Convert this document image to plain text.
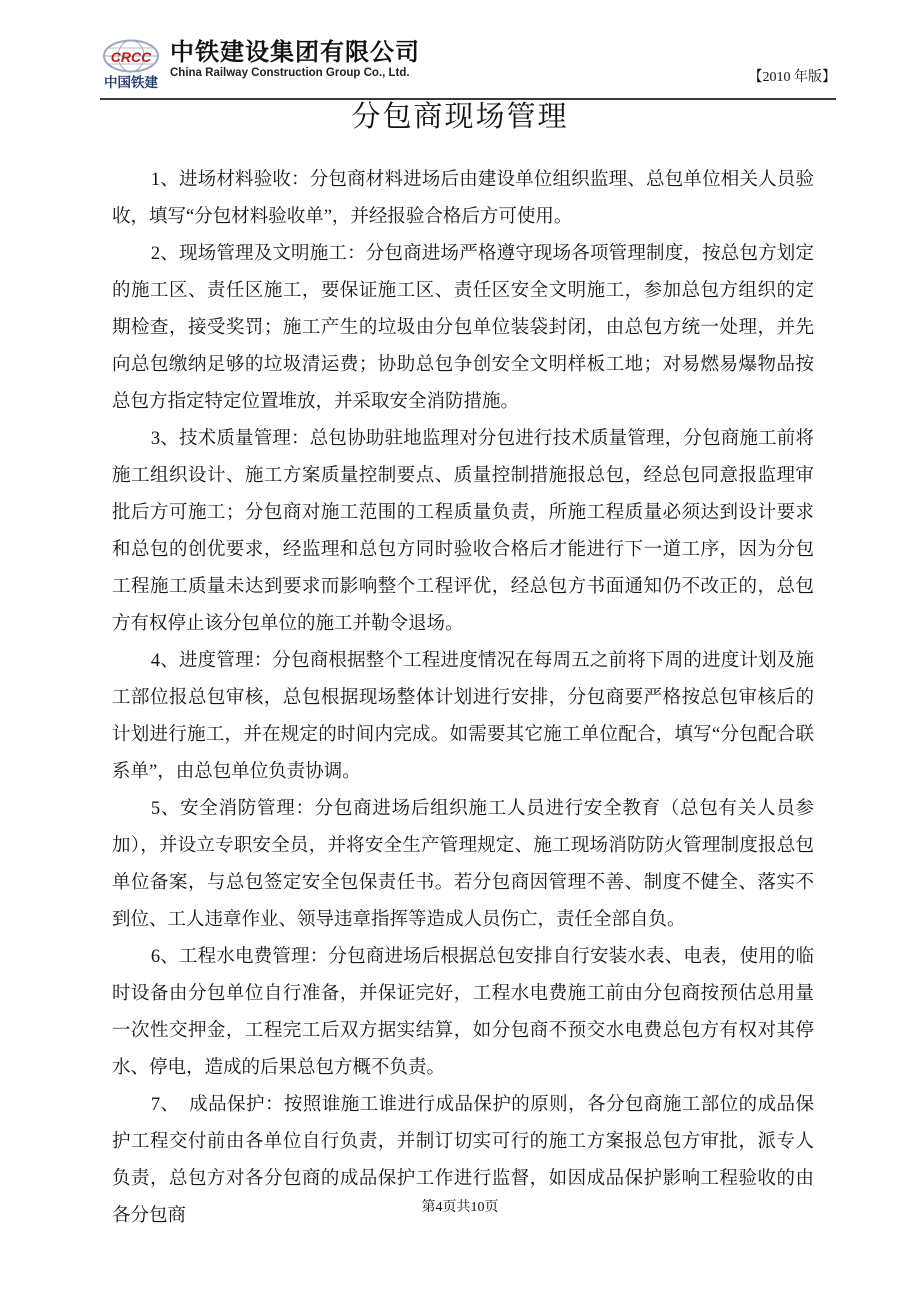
CRCC
中国铁建
中铁建设集团有限公司
China Railway Construction Group Co., Ltd.	【2010 年版】
分包商现场管理

1、进场材料验收：分包商材料进场后由建设单位组织监理、总包单位相关人员验收，填写“分包材料验收单”，并经报验合格后方可使用。

2、现场管理及文明施工：分包商进场严格遵守现场各项管理制度，按总包方划定的施工区、责任区施工，要保证施工区、责任区安全文明施工，参加总包方组织的定期检查，接受奖罚；施工产生的垃圾由分包单位装袋封闭，由总包方统一处理，并先向总包缴纳足够的垃圾清运费；协助总包争创安全文明样板工地；对易燃易爆物品按总包方指定特定位置堆放，并采取安全消防措施。

3、技术质量管理：总包协助驻地监理对分包进行技术质量管理，分包商施工前将施工组织设计、施工方案质量控制要点、质量控制措施报总包，经总包同意报监理审批后方可施工；分包商对施工范围的工程质量负责，所施工程质量必须达到设计要求和总包的创优要求，经监理和总包方同时验收合格后才能进行下一道工序，因为分包工程施工质量未达到要求而影响整个工程评优，经总包方书面通知仍不改正的，总包方有权停止该分包单位的施工并勒令退场。

4、进度管理：分包商根据整个工程进度情况在每周五之前将下周的进度计划及施工部位报总包审核，总包根据现场整体计划进行安排，分包商要严格按总包审核后的计划进行施工，并在规定的时间内完成。如需要其它施工单位配合，填写“分包配合联系单”，由总包单位负责协调。

5、安全消防管理：分包商进场后组织施工人员进行安全教育（总包有关人员参加），并设立专职安全员，并将安全生产管理规定、施工现场消防防火管理制度报总包单位备案，与总包签定安全包保责任书。若分包商因管理不善、制度不健全、落实不到位、工人违章作业、领导违章指挥等造成人员伤亡，责任全部自负。

6、工程水电费管理：分包商进场后根据总包安排自行安装水表、电表，使用的临时设备由分包单位自行准备，并保证完好，工程水电费施工前由分包商按预估总用量一次性交押金，工程完工后双方据实结算，如分包商不预交水电费总包方有权对其停水、停电，造成的后果总包方概不负责。

7、　成品保护：按照谁施工谁进行成品保护的原则，各分包商施工部位的成品保护工程交付前由各单位自行负责，并制订切实可行的施工方案报总包方审批，派专人负责，总包方对各分包商的成品保护工作进行监督，如因成品保护影响工程验收的由各分包商	第4页共10页
